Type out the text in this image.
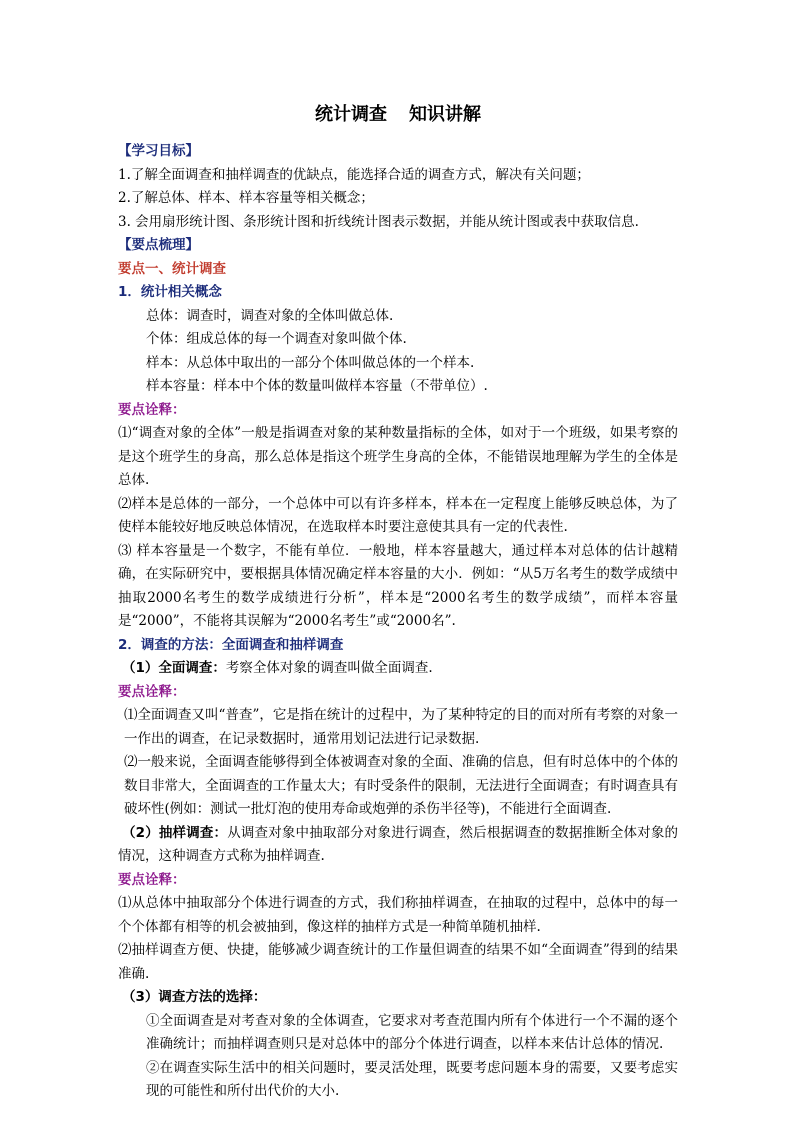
统计调查 知识讲解
【学习目标】
1.了解全面调查和抽样调查的优缺点，能选择合适的调查方式，解决有关问题；
2.了解总体、样本、样本容量等相关概念；
3. 会用扇形统计图、条形统计图和折线统计图表示数据，并能从统计图或表中获取信息.
【要点梳理】
要点一、统计调查
1．统计相关概念
总体：调查时，调查对象的全体叫做总体.
个体：组成总体的每一个调查对象叫做个体.
样本：从总体中取出的一部分个体叫做总体的一个样本.
样本容量：样本中个体的数量叫做样本容量（不带单位）.
要点诠释：
⑴“调查对象的全体”一般是指调查对象的某种数量指标的全体，如对于一个班级，如果考察的是这个班学生的身高，那么总体是指这个班学生身高的全体，不能错误地理解为学生的全体是总体.
⑵样本是总体的一部分，一个总体中可以有许多样本，样本在一定程度上能够反映总体，为了使样本能较好地反映总体情况，在选取样本时要注意使其具有一定的代表性.
⑶ 样本容量是一个数字，不能有单位．一般地，样本容量越大，通过样本对总体的估计越精确，在实际研究中，要根据具体情况确定样本容量的大小．例如：“从5万名考生的数学成绩中抽取2000名考生的数学成绩进行分析”，样本是“2000名考生的数学成绩”，而样本容量是“2000”，不能将其误解为“2000名考生”或“2000名”.
2．调查的方法：全面调查和抽样调查
（1）全面调查：考察全体对象的调查叫做全面调查.
要点诠释：
⑴全面调查又叫“普查”，它是指在统计的过程中，为了某种特定的目的而对所有考察的对象一一作出的调查，在记录数据时，通常用划记法进行记录数据.
⑵一般来说，全面调查能够得到全体被调查对象的全面、准确的信息，但有时总体中的个体的数目非常大，全面调查的工作量太大；有时受条件的限制，无法进行全面调查；有时调查具有破坏性(例如：测试一批灯泡的使用寿命或炮弹的杀伤半径等)，不能进行全面调查.
（2）抽样调查：从调查对象中抽取部分对象进行调查，然后根据调查的数据推断全体对象的情况，这种调查方式称为抽样调查.
要点诠释：
⑴从总体中抽取部分个体进行调查的方式，我们称抽样调查，在抽取的过程中，总体中的每一个个体都有相等的机会被抽到，像这样的抽样方式是一种简单随机抽样.
⑵抽样调查方便、快捷，能够减少调查统计的工作量但调查的结果不如“全面调查”得到的结果准确.
（3）调查方法的选择：
①全面调查是对考查对象的全体调查，它要求对考查范围内所有个体进行一个不漏的逐个准确统计；而抽样调查则只是对总体中的部分个体进行调查，以样本来估计总体的情况.
②在调查实际生活中的相关问题时，要灵活处理，既要考虑问题本身的需要，又要考虑实现的可能性和所付出代价的大小.
